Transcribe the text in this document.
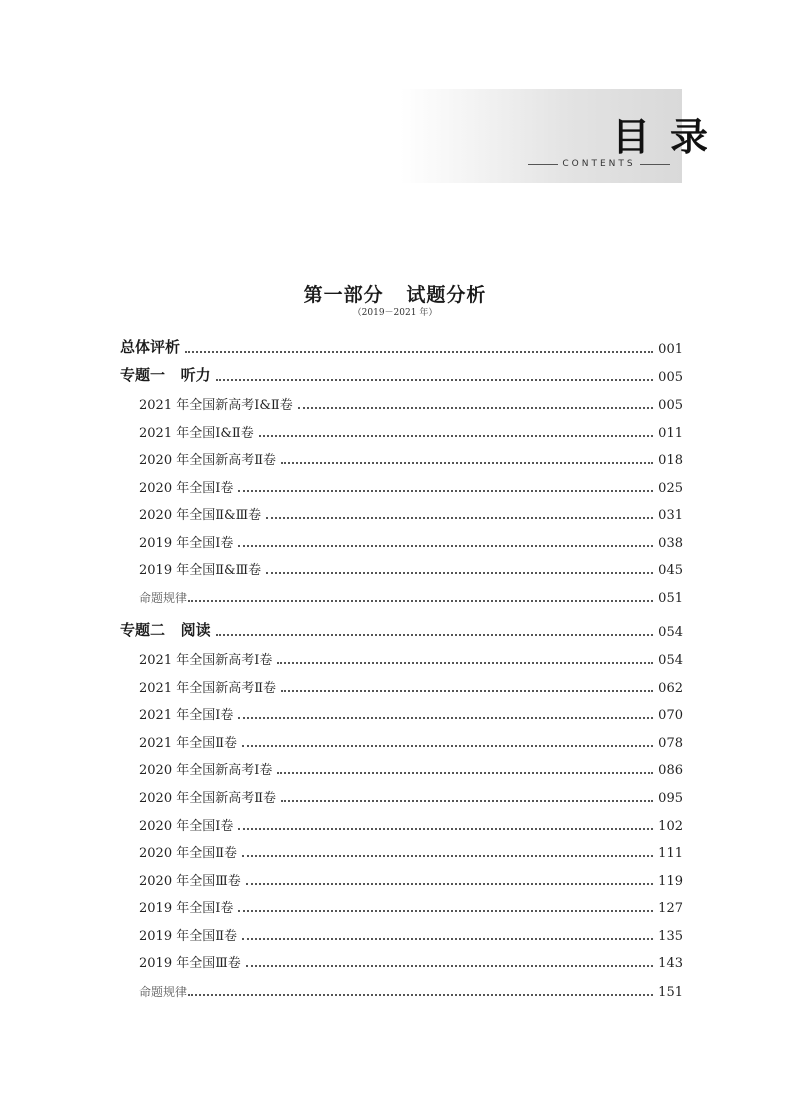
目录
CONTENTS
第一部分   试题分析
（2019－2021 年）
总体评析	001
专题一   听力	005
2021 年全国新高考Ⅰ&Ⅱ卷	005
2021 年全国Ⅰ&Ⅱ卷	011
2020 年全国新高考Ⅱ卷	018
2020 年全国Ⅰ卷	025
2020 年全国Ⅱ&Ⅲ卷	031
2019 年全国Ⅰ卷	038
2019 年全国Ⅱ&Ⅲ卷	045
命题规律	051
专题二   阅读	054
2021 年全国新高考Ⅰ卷	054
2021 年全国新高考Ⅱ卷	062
2021 年全国Ⅰ卷	070
2021 年全国Ⅱ卷	078
2020 年全国新高考Ⅰ卷	086
2020 年全国新高考Ⅱ卷	095
2020 年全国Ⅰ卷	102
2020 年全国Ⅱ卷	111
2020 年全国Ⅲ卷	119
2019 年全国Ⅰ卷	127
2019 年全国Ⅱ卷	135
2019 年全国Ⅲ卷	143
命题规律	151
